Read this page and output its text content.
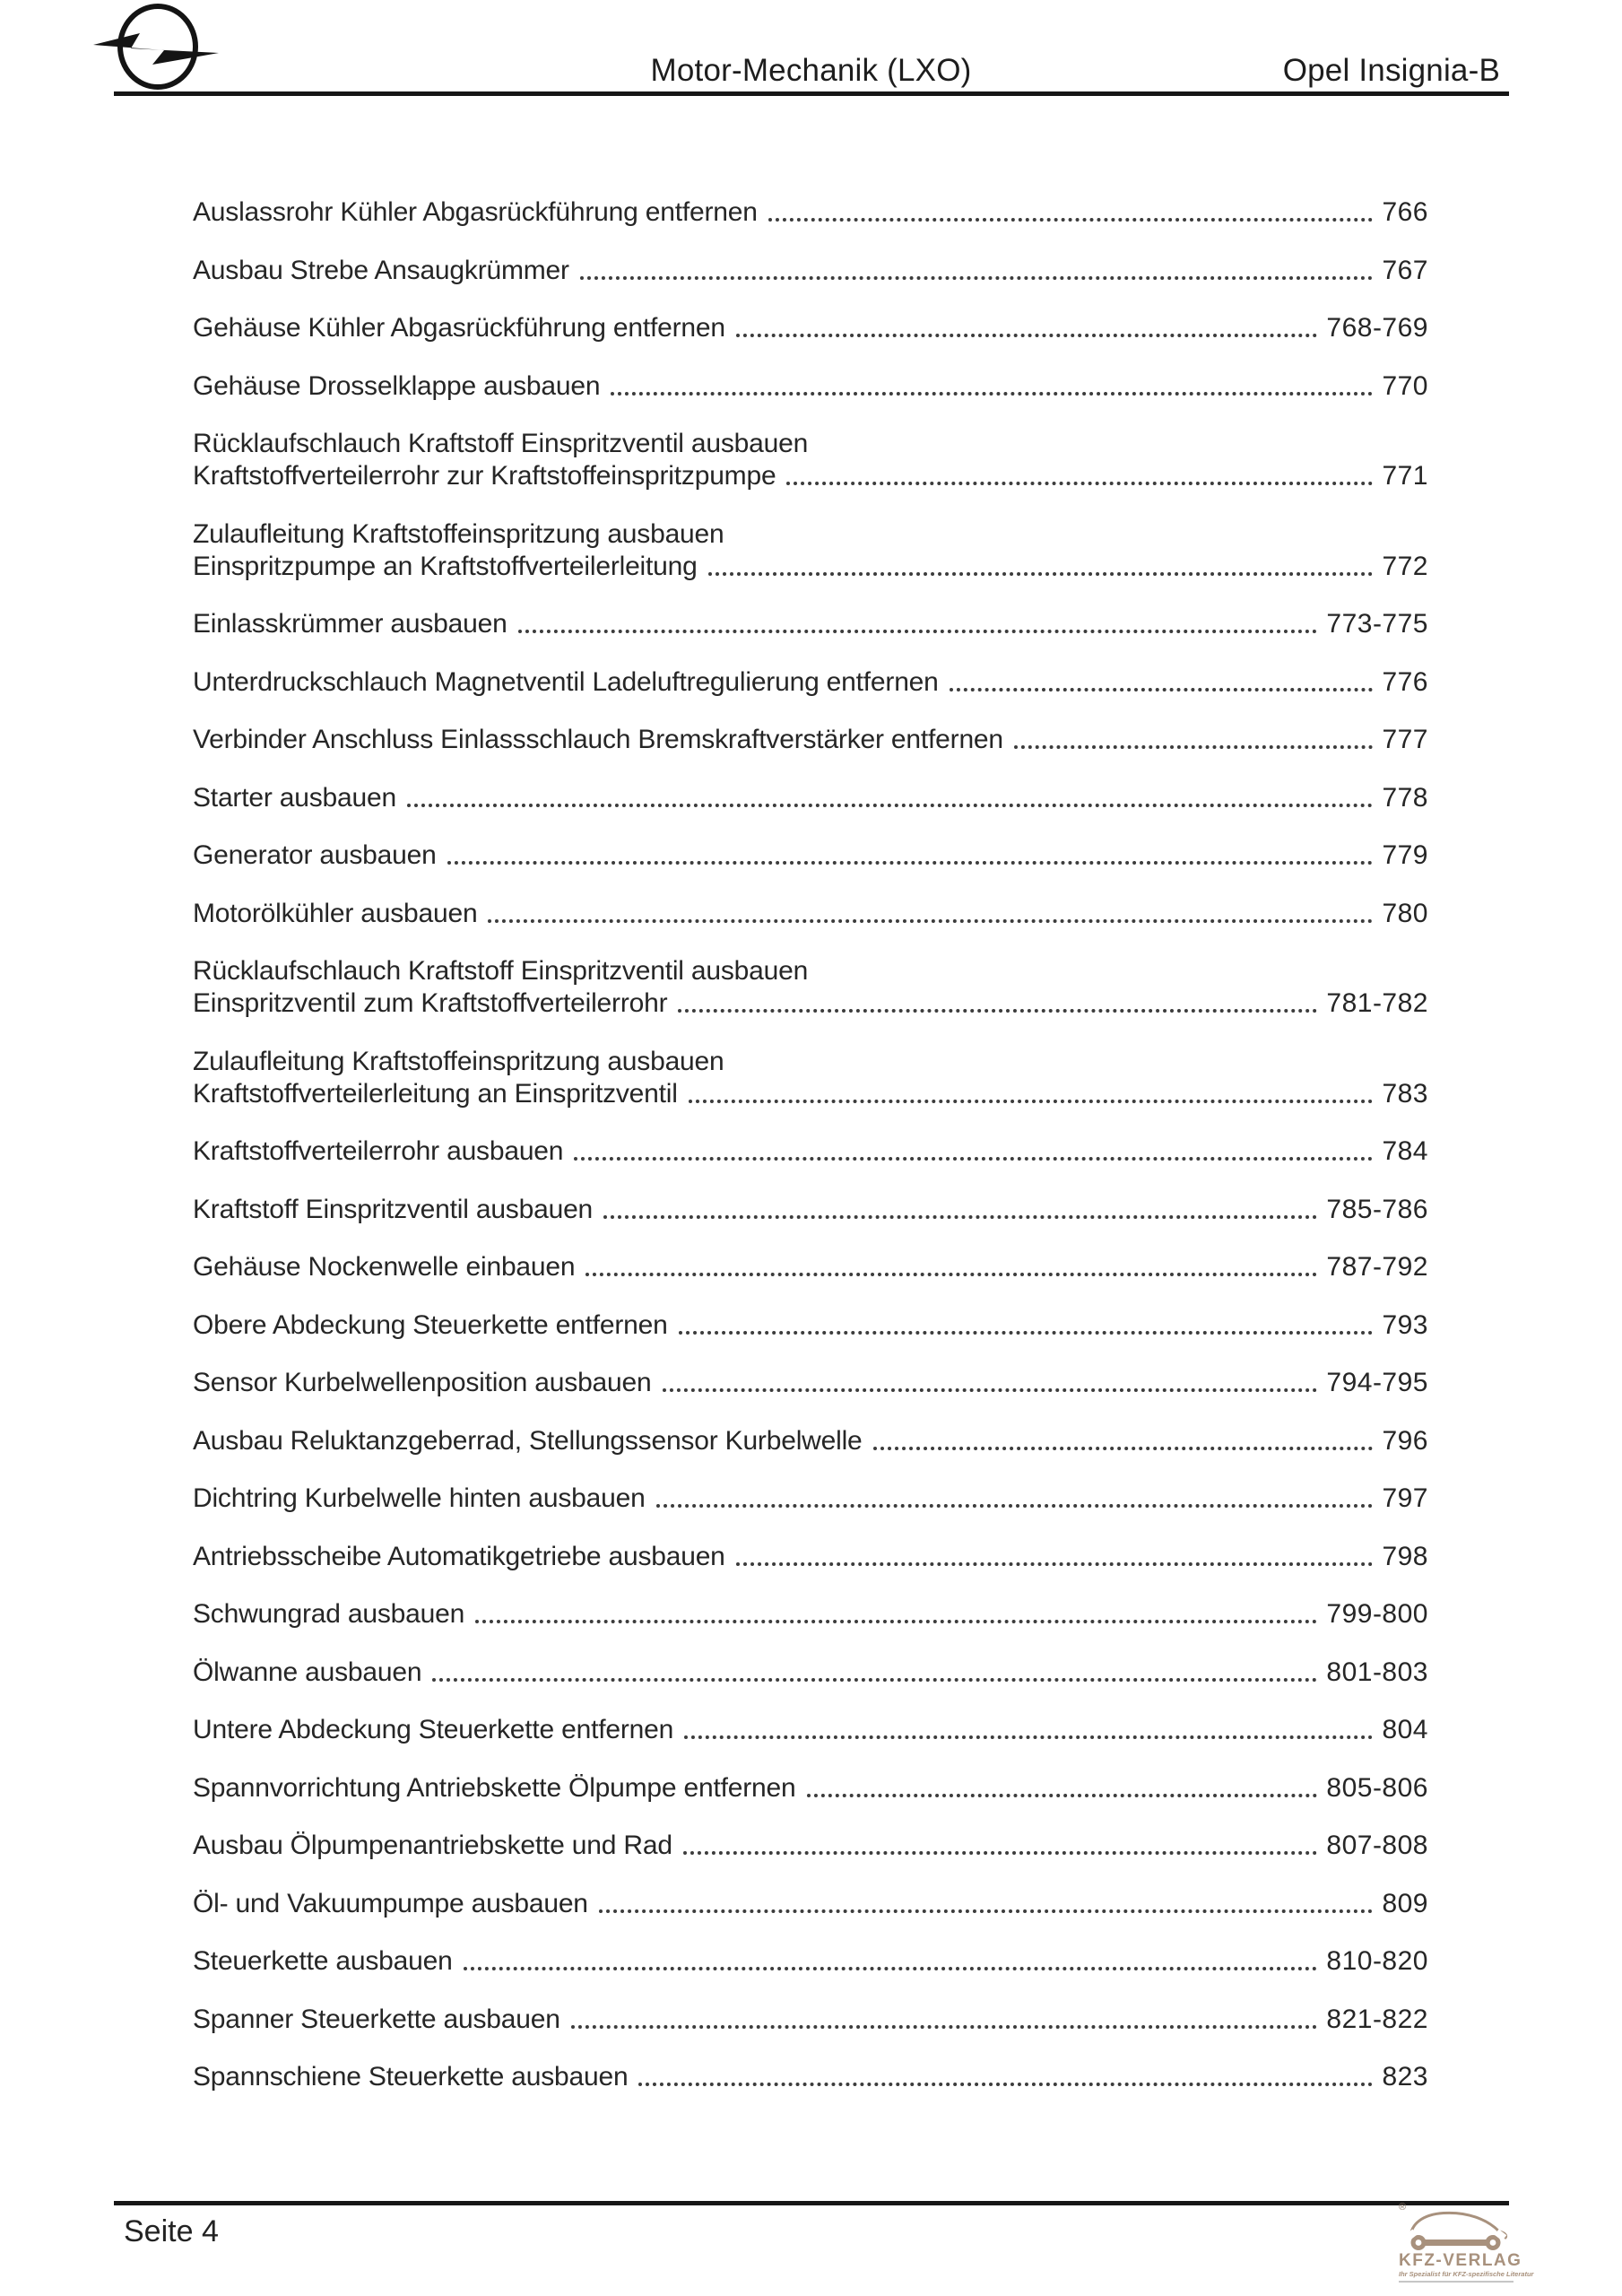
Motor-Mechanik (LXO)	Opel Insignia-B
Auslassrohr Kühler Abgasrückführung entfernen	766
Ausbau Strebe Ansaugkrümmer	767
Gehäuse Kühler Abgasrückführung entfernen	768-769
Gehäuse Drosselklappe ausbauen	770
Rücklaufschlauch Kraftstoff Einspritzventil ausbauen
Kraftstoffverteilerrohr zur Kraftstoffeinspritzpumpe	771
Zulaufleitung Kraftstoffeinspritzung ausbauen
Einspritzpumpe an Kraftstoffverteilerleitung	772
Einlasskrümmer ausbauen	773-775
Unterdruckschlauch Magnetventil Ladeluftregulierung entfernen	776
Verbinder Anschluss Einlassschlauch Bremskraftverstärker entfernen	777
Starter ausbauen	778
Generator ausbauen	779
Motorölkühler ausbauen	780
Rücklaufschlauch Kraftstoff Einspritzventil ausbauen
Einspritzventil zum Kraftstoffverteilerrohr	781-782
Zulaufleitung Kraftstoffeinspritzung ausbauen
Kraftstoffverteilerleitung an Einspritzventil	783
Kraftstoffverteilerrohr ausbauen	784
Kraftstoff Einspritzventil ausbauen	785-786
Gehäuse Nockenwelle einbauen	787-792
Obere Abdeckung Steuerkette entfernen	793
Sensor Kurbelwellenposition ausbauen	794-795
Ausbau Reluktanzgeberrad, Stellungssensor Kurbelwelle	796
Dichtring Kurbelwelle hinten ausbauen	797
Antriebsscheibe Automatikgetriebe ausbauen	798
Schwungrad ausbauen	799-800
Ölwanne ausbauen	801-803
Untere Abdeckung Steuerkette entfernen	804
Spannvorrichtung Antriebskette Ölpumpe entfernen	805-806
Ausbau Ölpumpenantriebskette und Rad	807-808
Öl- und Vakuumpumpe ausbauen	809
Steuerkette ausbauen	810-820
Spanner Steuerkette ausbauen	821-822
Spannschiene Steuerkette ausbauen	823
Seite 4
®
KFZ-VERLAG
Ihr Spezialist für KFZ-spezifische Literatur
